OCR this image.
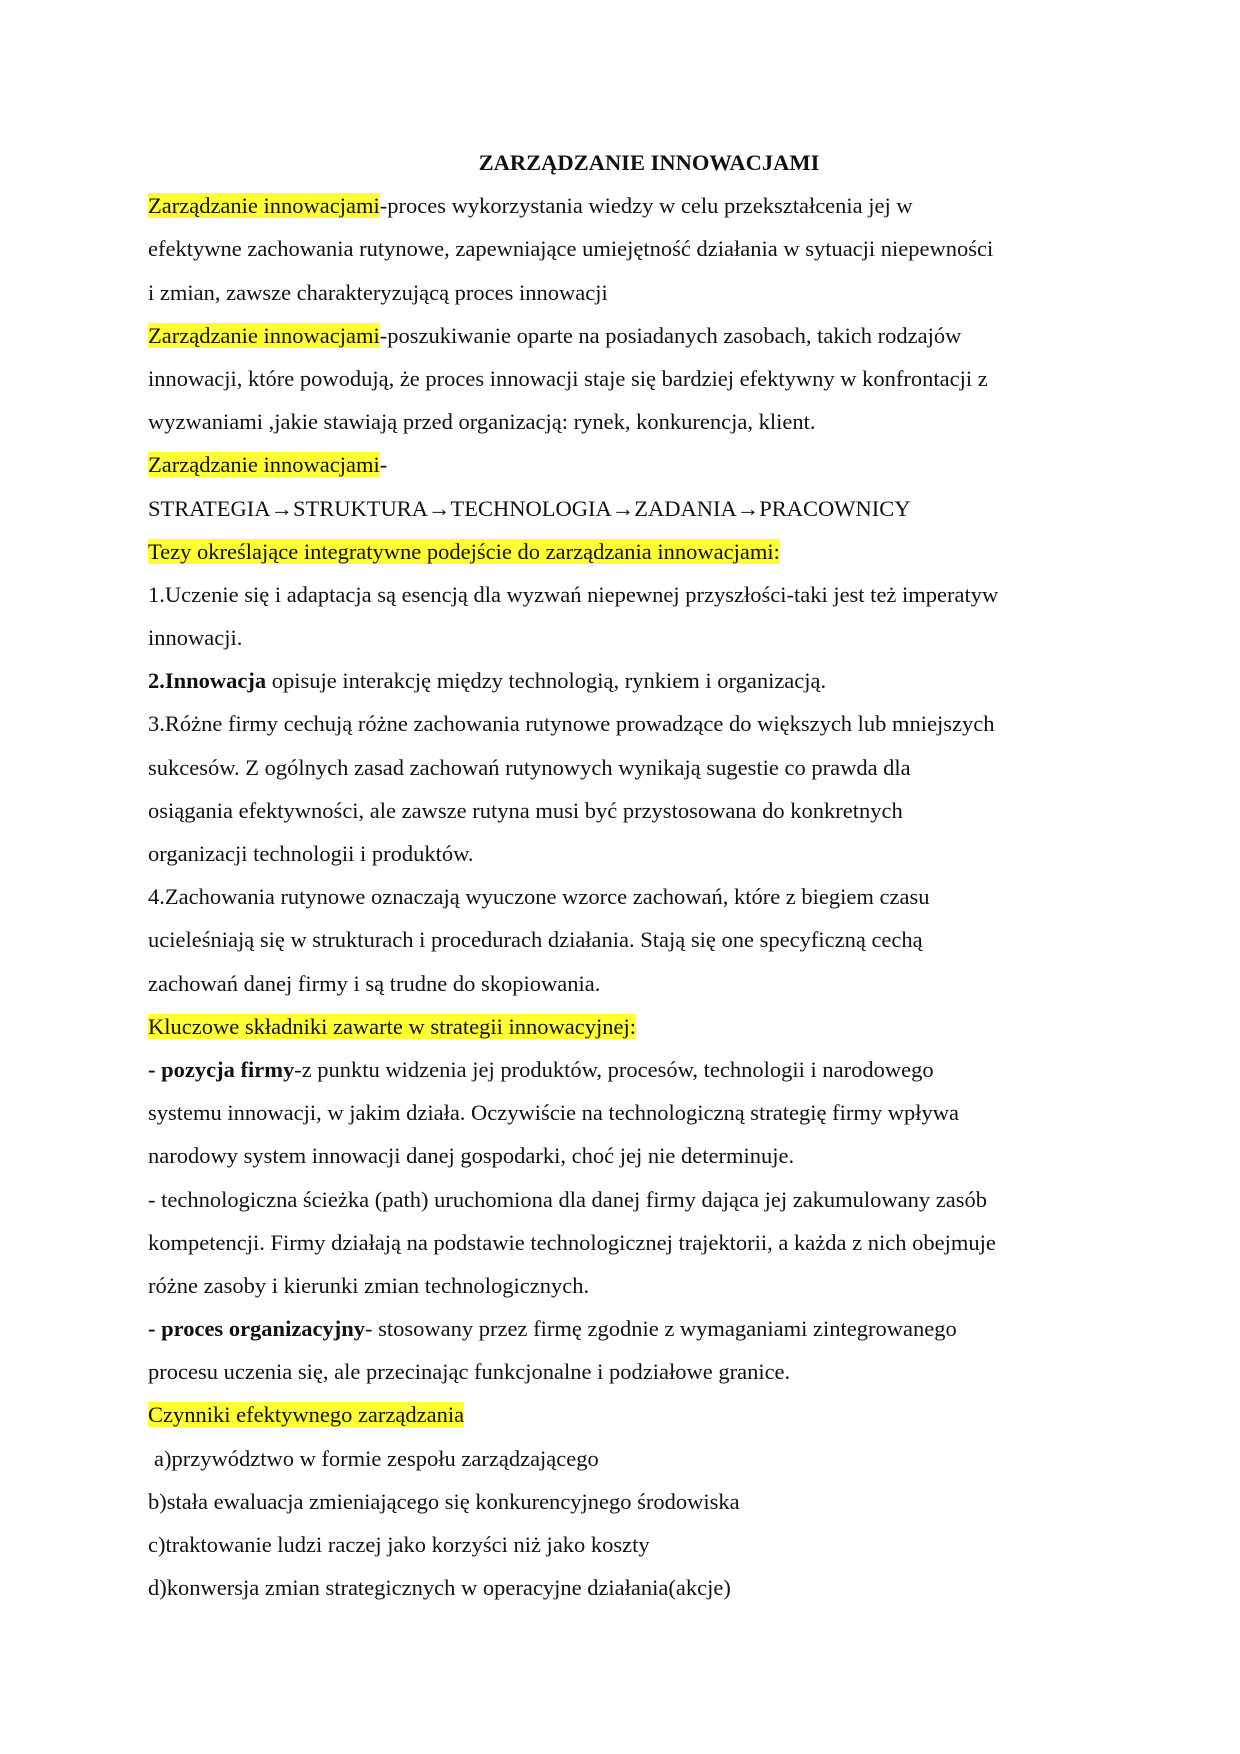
ZARZĄDZANIE INNOWACJAMI
Zarządzanie innowacjami-proces wykorzystania wiedzy w celu przekształcenia jej w
efektywne zachowania rutynowe, zapewniające umiejętność działania w sytuacji niepewności
i zmian, zawsze charakteryzującą proces innowacji
Zarządzanie innowacjami-poszukiwanie oparte na posiadanych zasobach, takich rodzajów
innowacji, które powodują, że proces innowacji staje się bardziej efektywny w konfrontacji z
wyzwaniami ,jakie stawiają przed organizacją: rynek, konkurencja, klient.
Zarządzanie innowacjami-
STRATEGIA→STRUKTURA→TECHNOLOGIA→ZADANIA→PRACOWNICY
Tezy określające integratywne podejście do zarządzania innowacjami:
1.Uczenie się i adaptacja są esencją dla wyzwań niepewnej przyszłości-taki jest też imperatyw
innowacji.
2.Innowacja opisuje interakcję między technologią, rynkiem i organizacją.
3.Różne firmy cechują różne zachowania rutynowe prowadzące do większych lub mniejszych
sukcesów. Z ogólnych zasad zachowań rutynowych wynikają sugestie co prawda dla
osiągania efektywności, ale zawsze rutyna musi być przystosowana do konkretnych
organizacji technologii i produktów.
4.Zachowania rutynowe oznaczają wyuczone wzorce zachowań, które z biegiem czasu
ucieleśniają się w strukturach i procedurach działania. Stają się one specyficzną cechą
zachowań danej firmy i są trudne do skopiowania.
Kluczowe składniki zawarte w strategii innowacyjnej:
- pozycja firmy-z punktu widzenia jej produktów, procesów, technologii i narodowego
systemu innowacji, w jakim działa. Oczywiście na technologiczną strategię firmy wpływa
narodowy system innowacji danej gospodarki, choć jej nie determinuje.
- technologiczna ścieżka (path) uruchomiona dla danej firmy dająca jej zakumulowany zasób
kompetencji. Firmy działają na podstawie technologicznej trajektorii, a każda z nich obejmuje
różne zasoby i kierunki zmian technologicznych.
- proces organizacyjny- stosowany przez firmę zgodnie z wymaganiami zintegrowanego
procesu uczenia się, ale przecinając funkcjonalne i podziałowe granice.
Czynniki efektywnego zarządzania
a)przywództwo w formie zespołu zarządzającego
b)stała ewaluacja zmieniającego się konkurencyjnego środowiska
c)traktowanie ludzi raczej jako korzyści niż jako koszty
d)konwersja zmian strategicznych w operacyjne działania(akcje)
